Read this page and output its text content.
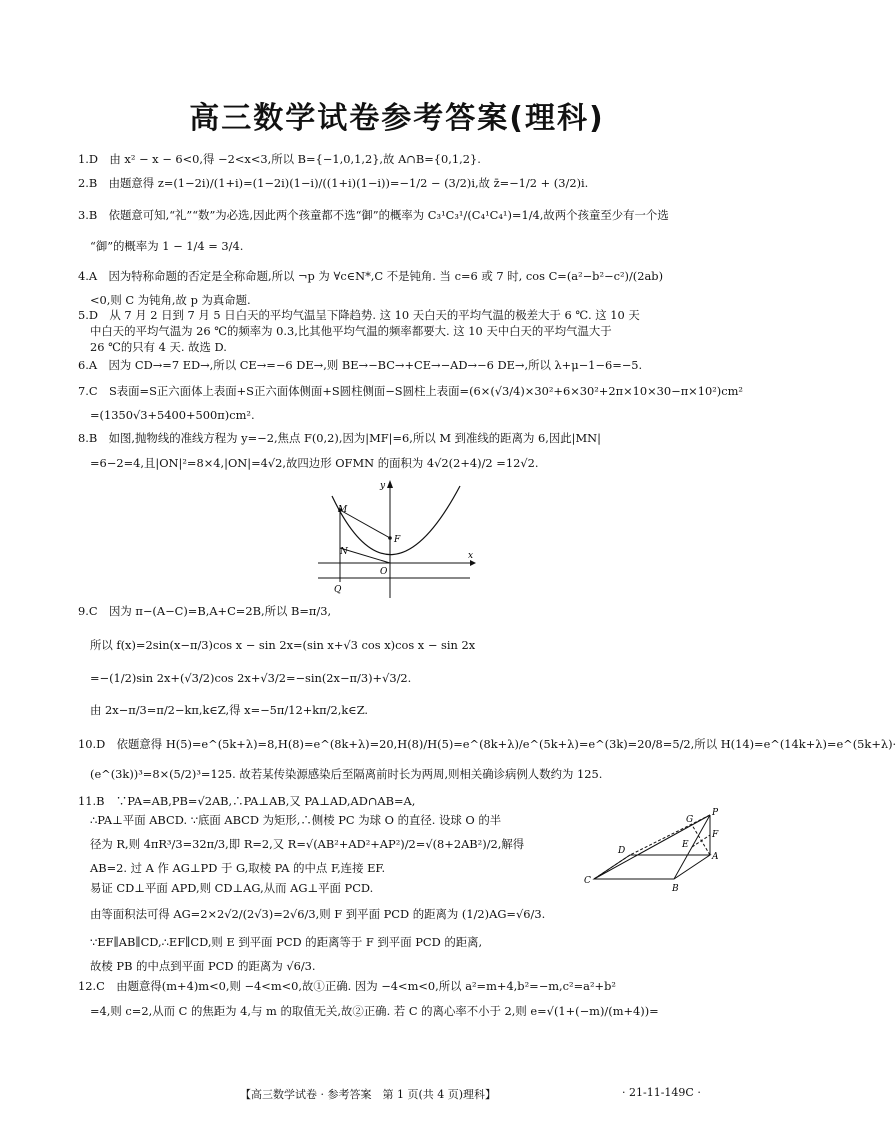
高三数学试卷参考答案(理科)
1.D　由 x² − x − 6<0,得 −2<x<3,所以 B={−1,0,1,2},故 A∩B={0,1,2}.
2.B　由题意得 z=(1−2i)/(1+i)=(1−2i)(1−i)/((1+i)(1−i))=−1/2 − (3/2)i,故 z̄=−1/2 + (3/2)i.
3.B　依题意可知,“礼”“数”为必选,因此两个孩童都不选“御”的概率为 C₃¹C₃¹/(C₄¹C₄¹)=1/4,故两个孩童至少有一个选
“御”的概率为 1 − 1/4 = 3/4.
4.A　因为特称命题的否定是全称命题,所以 ¬p 为 ∀c∈N*,C 不是钝角. 当 c=6 或 7 时, cos C=(a²−b²−c²)/(2ab)
<0,则 C 为钝角,故 p 为真命题.
5.D　从 7 月 2 日到 7 月 5 日白天的平均气温呈下降趋势. 这 10 天白天的平均气温的极差大于 6 ℃. 这 10 天
中白天的平均气温为 26 ℃的频率为 0.3,比其他平均气温的频率都要大. 这 10 天中白天的平均气温大于
26 ℃的只有 4 天. 故选 D.
6.A　因为 CD→=7 ED→,所以 CE→=−6 DE→,则 BE→−BC→+CE→−AD→−6 DE→,所以 λ+μ−1−6=−5.
7.C　S表面=S正六面体上表面+S正六面体侧面+S圆柱侧面−S圆柱上表面=(6×(√3/4)×30²+6×30²+2π×10×30−π×10²)cm²
=(1350√3+5400+500π)cm².
8.B　如图,抛物线的准线方程为 y=−2,焦点 F(0,2),因为|MF|=6,所以 M 到准线的距离为 6,因此|MN|
=6−2=4,且|ON|²=8×4,|ON|=4√2,故四边形 OFMN 的面积为 4√2(2+4)/2 =12√2.
y
x
M
F
N
O
Q
9.C　因为 π−(A−C)=B,A+C=2B,所以 B=π/3,
所以 f(x)=2sin(x−π/3)cos x − sin 2x=(sin x+√3 cos x)cos x − sin 2x
=−(1/2)sin 2x+(√3/2)cos 2x+√3/2=−sin(2x−π/3)+√3/2.
由 2x−π/3=π/2−kπ,k∈Z,得 x=−5π/12+kπ/2,k∈Z.
10.D　依题意得 H(5)=e^(5k+λ)=8,H(8)=e^(8k+λ)=20,H(8)/H(5)=e^(8k+λ)/e^(5k+λ)=e^(3k)=20/8=5/2,所以 H(14)=e^(14k+λ)=e^(5k+λ)·
(e^(3k))³=8×(5/2)³=125. 故若某传染源感染后至隔离前时长为两周,则相关确诊病例人数约为 125.
11.B　∵PA=AB,PB=√2AB,∴PA⊥AB,又 PA⊥AD,AD∩AB=A,
∴PA⊥平面 ABCD. ∵底面 ABCD 为矩形,∴侧棱 PC 为球 O 的直径. 设球 O 的半
径为 R,则 4πR³/3=32π/3,即 R=2,又 R=√(AB²+AD²+AP²)/2=√(8+2AB²)/2,解得
AB=2. 过 A 作 AG⊥PD 于 G,取棱 PA 的中点 F,连接 EF.
易证 CD⊥平面 APD,则 CD⊥AG,从而 AG⊥平面 PCD.
由等面积法可得 AG=2×2√2/(2√3)=2√6/3,则 F 到平面 PCD 的距离为 (1/2)AG=√6/3.
∵EF∥AB∥CD,∴EF∥CD,则 E 到平面 PCD 的距离等于 F 到平面 PCD 的距离,
故棱 PB 的中点到平面 PCD 的距离为 √6/3.
P
G
F
E
A
D
C
B
12.C　由题意得(m+4)m<0,则 −4<m<0,故①正确. 因为 −4<m<0,所以 a²=m+4,b²=−m,c²=a²+b²
=4,则 c=2,从而 C 的焦距为 4,与 m 的取值无关,故②正确. 若 C 的离心率不小于 2,则 e=√(1+(−m)/(m+4))=
【高三数学试卷 · 参考答案　第 1 页(共 4 页)理科】	· 21-11-149C ·
